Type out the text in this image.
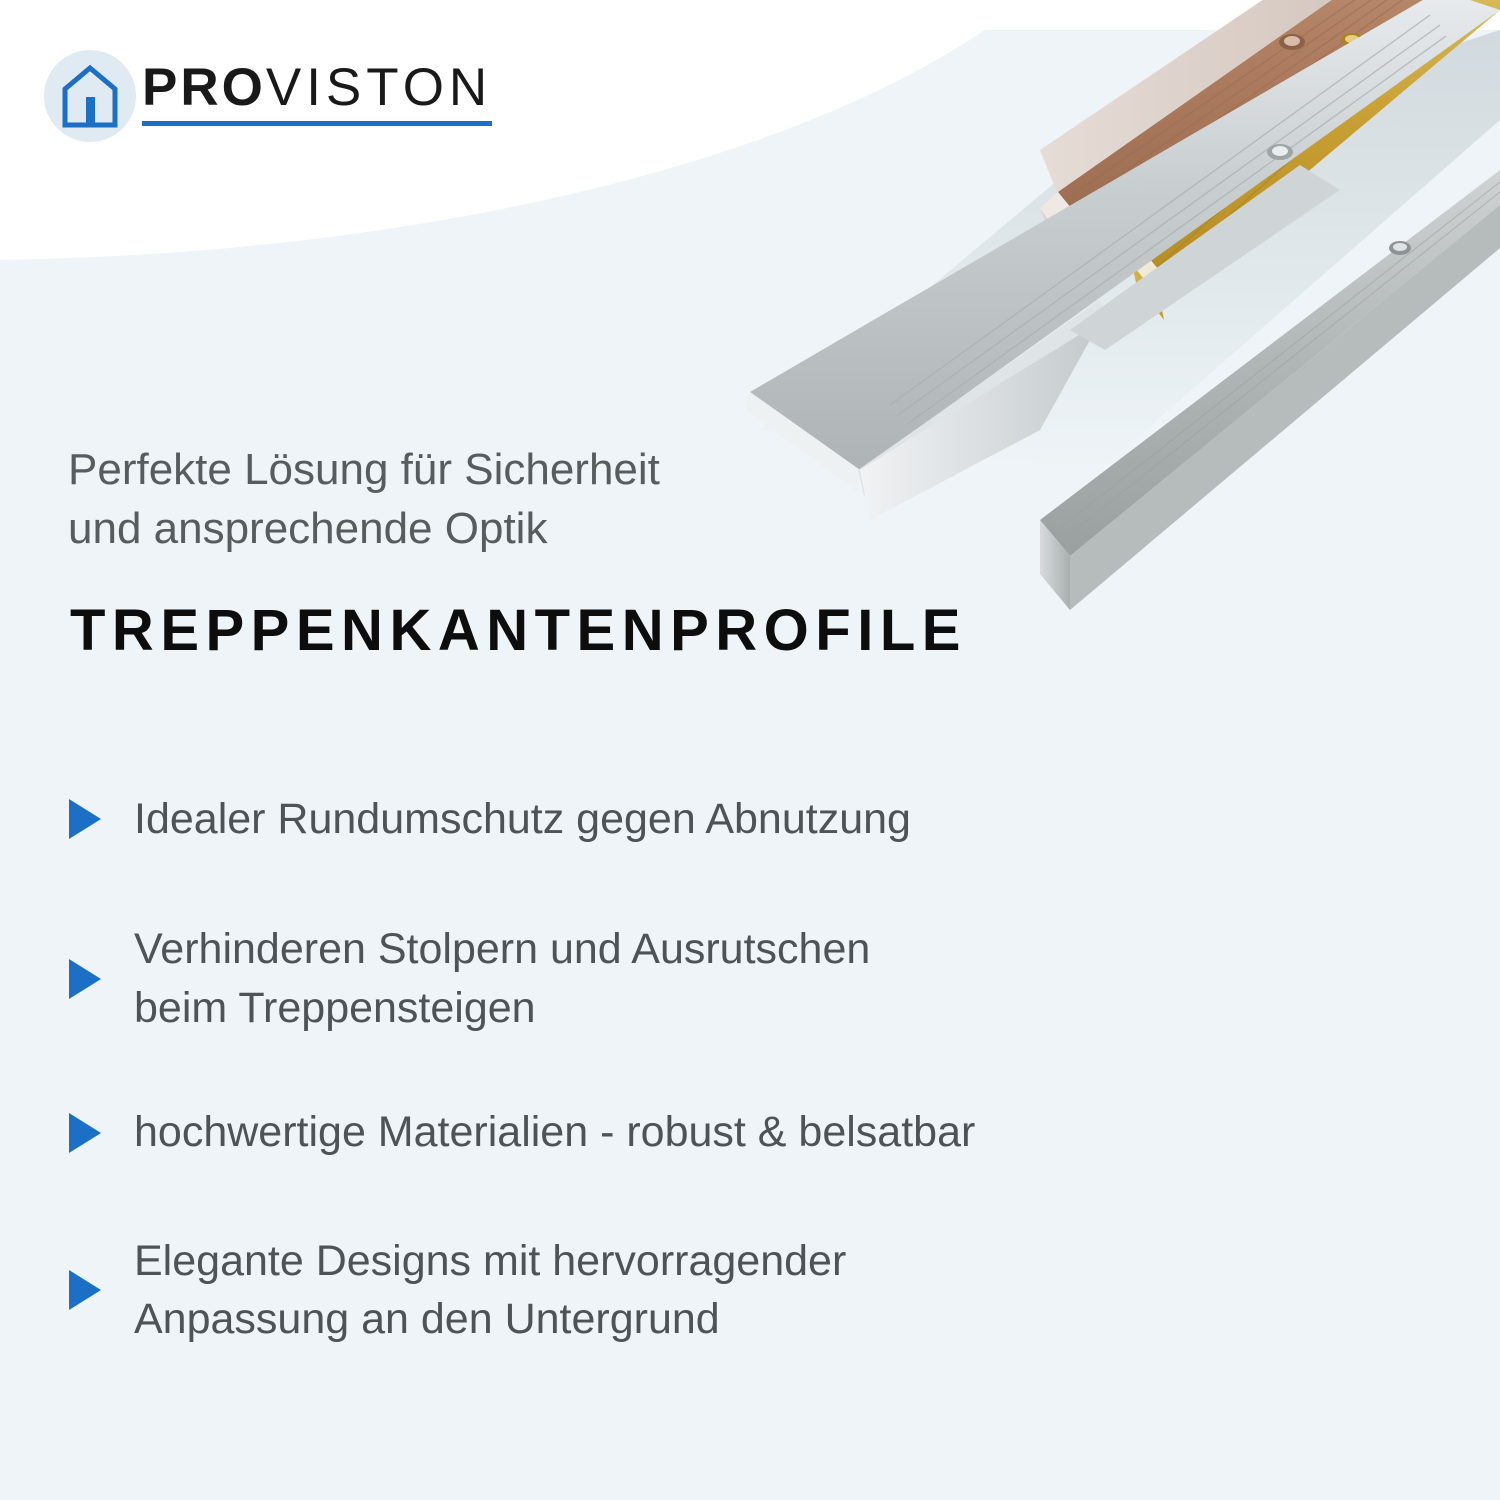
PROVISTON
Perfekte Lösung für Sicherheit
und ansprechende Optik
TREPPENKANTENPROFILE
Idealer Rundumschutz gegen Abnutzung
Verhinderen Stolpern und Ausrutschen
beim Treppensteigen
hochwertige Materialien - robust & belsatbar
Elegante Designs mit hervorragender
Anpassung an den Untergrund
